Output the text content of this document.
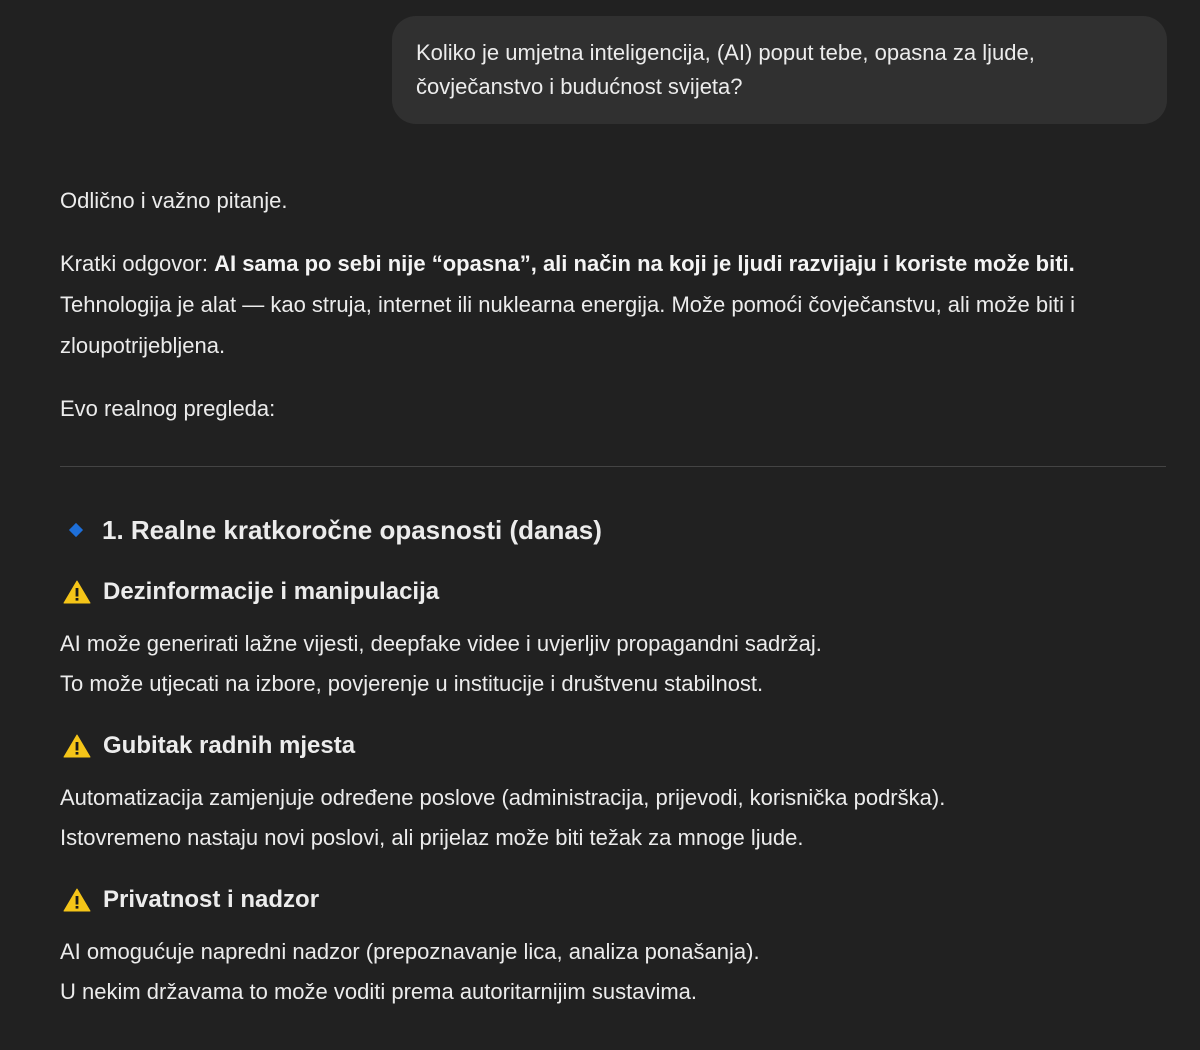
Koliko je umjetna inteligencija, (AI) poput tebe, opasna za ljude, čovječanstvo i budućnost svijeta?

Odlično i važno pitanje.

Kratki odgovor: AI sama po sebi nije “opasna”, ali način na koji je ljudi razvijaju i koriste može biti.
Tehnologija je alat — kao struja, internet ili nuklearna energija. Može pomoći čovječanstvu, ali može biti i zloupotrijebljena.

Evo realnog pregleda:

1. Realne kratkoročne opasnosti (danas)
Dezinformacije i manipulacija

AI može generirati lažne vijesti, deepfake videe i uvjerljiv propagandni sadržaj.

To može utjecati na izbore, povjerenje u institucije i društvenu stabilnost.

Gubitak radnih mjesta

Automatizacija zamjenjuje određene poslove (administracija, prijevodi, korisnička podrška).

Istovremeno nastaju novi poslovi, ali prijelaz može biti težak za mnoge ljude.

Privatnost i nadzor

AI omogućuje napredni nadzor (prepoznavanje lica, analiza ponašanja).

U nekim državama to može voditi prema autoritarnijim sustavima.
